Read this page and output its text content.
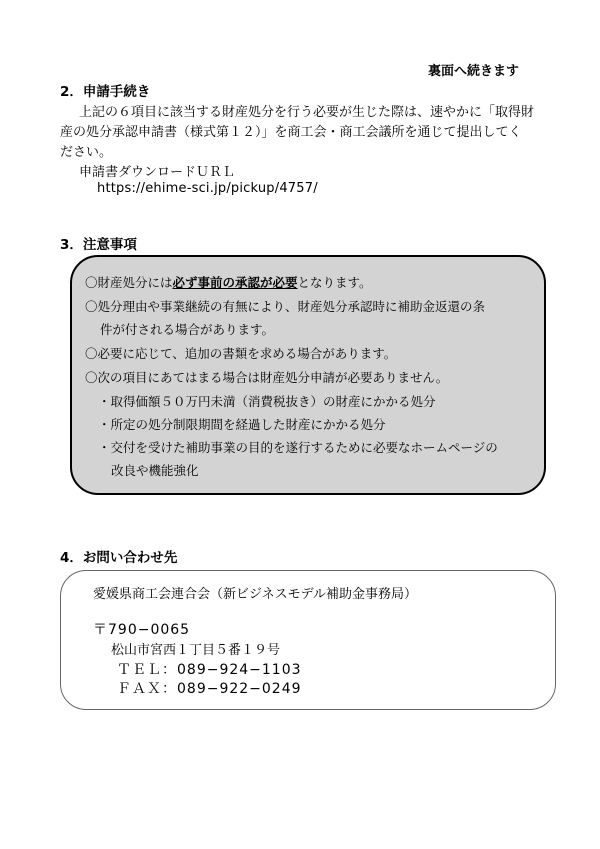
裏面へ続きます
2．申請手続き
上記の６項目に該当する財産処分を行う必要が生じた際は、速やかに「取得財
産の処分承認申請書（様式第１２）」を商工会・商工会議所を通じて提出してく
ださい。
申請書ダウンロードＵＲＬ
https://ehime-sci.jp/pickup/4757/
3．注意事項
〇財産処分には必ず事前の承認が必要となります。
〇処分理由や事業継続の有無により、財産処分承認時に補助金返還の条
件が付される場合があります。
〇必要に応じて、追加の書類を求める場合があります。
〇次の項目にあてはまる場合は財産処分申請が必要ありません。
・取得価額５０万円未満（消費税抜き）の財産にかかる処分
・所定の処分制限期間を経過した財産にかかる処分
・交付を受けた補助事業の目的を遂行するために必要なホームページの
改良や機能強化
4．お問い合わせ先
愛媛県商工会連合会（新ビジネスモデル補助金事務局）
〒790−0065
松山市宮西１丁目５番１９号
ＴＥＬ：089−924−1103
ＦＡＸ：089−922−0249
